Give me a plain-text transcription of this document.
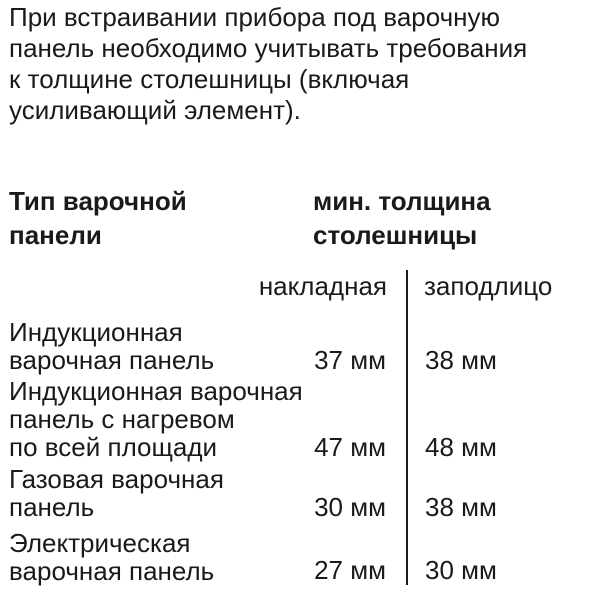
При встраивании прибора под варочную
панель необходимо учитывать требования
к толщине столешницы (включая
усиливающий элемент).
Тип варочной
панели
мин. толщина
столешницы
накладная заподлицо
Индукционная
варочная панель	37 мм 38 мм
Индукционная варочная
панель с нагревом
по всей площади	47 мм 48 мм
Газовая варочная
панель	30 мм 38 мм
Электрическая
варочная панель	27 мм 30 мм
